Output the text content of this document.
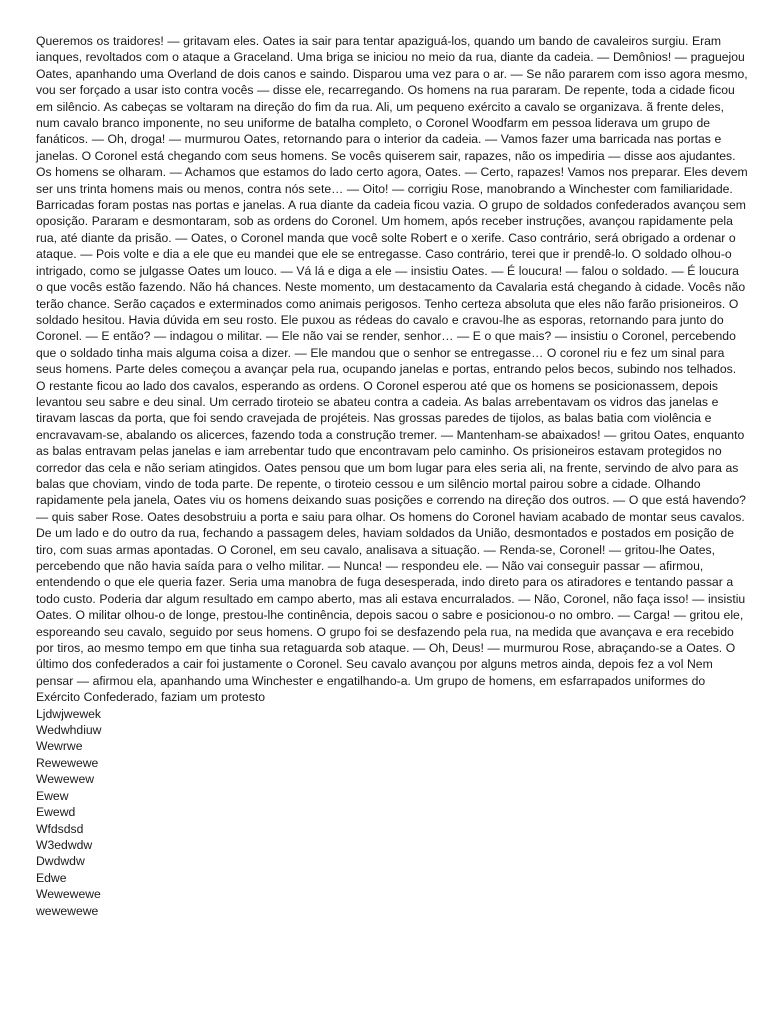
Queremos os traidores! — gritavam eles. Oates ia sair para tentar apaziguá-los, quando um bando de cavaleiros surgiu. Eram ianques, revoltados com o ataque a Graceland. Uma briga se iniciou no meio da rua, diante da cadeia. — Demônios! — praguejou Oates, apanhando uma Overland de dois canos e saindo. Disparou uma vez para o ar. — Se não pararem com isso agora mesmo, vou ser forçado a usar isto contra vocês — disse ele, recarregando. Os homens na rua pararam. De repente, toda a cidade ficou em silêncio. As cabeças se voltaram na direção do fim da rua. Ali, um pequeno exército a cavalo se organizava. ã frente deles, num cavalo branco imponente, no seu uniforme de batalha completo, o Coronel Woodfarm em pessoa liderava um grupo de fanáticos. — Oh, droga! — murmurou Oates, retornando para o interior da cadeia. — Vamos fazer uma barricada nas portas e janelas. O Coronel está chegando com seus homens. Se vocês quiserem sair, rapazes, não os impediria — disse aos ajudantes. Os homens se olharam. — Achamos que estamos do lado certo agora, Oates. — Certo, rapazes! Vamos nos preparar. Eles devem ser uns trinta homens mais ou menos, contra nós sete… — Oito! — corrigiu Rose, manobrando a Winchester com familiaridade. Barricadas foram postas nas portas e janelas. A rua diante da cadeia ficou vazia. O grupo de soldados confederados avançou sem oposição. Pararam e desmontaram, sob as ordens do Coronel. Um homem, após receber instruções, avançou rapidamente pela rua, até diante da prisão. — Oates, o Coronel manda que você solte Robert e o xerife. Caso contrário, será obrigado a ordenar o ataque. — Pois volte e dia a ele que eu mandei que ele se entregasse. Caso contrário, terei que ir prendê-lo. O soldado olhou-o intrigado, como se julgasse Oates um louco. — Vá lá e diga a ele — insistiu Oates. — É loucura! — falou o soldado. — É loucura o que vocês estão fazendo. Não há chances. Neste momento, um destacamento da Cavalaria está chegando à cidade. Vocês não terão chance. Serão caçados e exterminados como animais perigosos. Tenho certeza absoluta que eles não farão prisioneiros. O soldado hesitou. Havia dúvida em seu rosto. Ele puxou as rédeas do cavalo e cravou-lhe as esporas, retornando para junto do Coronel. — E então? — indagou o militar. — Ele não vai se render, senhor… — E o que mais? — insistiu o Coronel, percebendo que o soldado tinha mais alguma coisa a dizer. — Ele mandou que o senhor se entregasse… O coronel riu e fez um sinal para seus homens. Parte deles começou a avançar pela rua, ocupando janelas e portas, entrando pelos becos, subindo nos telhados. O restante ficou ao lado dos cavalos, esperando as ordens. O Coronel esperou até que os homens se posicionassem, depois levantou seu sabre e deu sinal. Um cerrado tiroteio se abateu contra a cadeia. As balas arrebentavam os vidros das janelas e tiravam lascas da porta, que foi sendo cravejada de projéteis. Nas grossas paredes de tijolos, as balas batia com violência e encravavam-se, abalando os alicerces, fazendo toda a construção tremer. — Mantenham-se abaixados! — gritou Oates, enquanto as balas entravam pelas janelas e iam arrebentar tudo que encontravam pelo caminho. Os prisioneiros estavam protegidos no corredor das cela e não seriam atingidos. Oates pensou que um bom lugar para eles seria ali, na frente, servindo de alvo para as balas que choviam, vindo de toda parte. De repente, o tiroteio cessou e um silêncio mortal pairou sobre a cidade. Olhando rapidamente pela janela, Oates viu os homens deixando suas posições e correndo na direção dos outros. — O que está havendo? — quis saber Rose. Oates desobstruiu a porta e saiu para olhar. Os homens do Coronel haviam acabado de montar seus cavalos. De um lado e do outro da rua, fechando a passagem deles, haviam soldados da União, desmontados e postados em posição de tiro, com suas armas apontadas. O Coronel, em seu cavalo, analisava a situação. — Renda-se, Coronel! — gritou-lhe Oates, percebendo que não havia saída para o velho militar. — Nunca! — respondeu ele. — Não vai conseguir passar — afirmou, entendendo o que ele queria fazer. Seria uma manobra de fuga desesperada, indo direto para os atiradores e tentando passar a todo custo. Poderia dar algum resultado em campo aberto, mas ali estava encurralados. — Não, Coronel, não faça isso! — insistiu Oates. O militar olhou-o de longe, prestou-lhe continência, depois sacou o sabre e posicionou-o no ombro. — Carga! — gritou ele, esporeando seu cavalo, seguido por seus homens. O grupo foi se desfazendo pela rua, na medida que avançava e era recebido por tiros, ao mesmo tempo em que tinha sua retaguarda sob ataque. — Oh, Deus! — murmurou Rose, abraçando-se a Oates. O último dos confederados a cair foi justamente o Coronel. Seu cavalo avançou por alguns metros ainda, depois fez a vol Nem pensar — afirmou ela, apanhando uma Winchester e engatilhando-a. Um grupo de homens, em esfarrapados uniformes do Exército Confederado, faziam um protesto

Ljdwjwewek
Wedwhdiuw
Wewrwe
Rewewewe
Wewewew
Ewew
Ewewd
Wfdsdsd
W3edwdw
Dwdwdw
Edwe
Wewewewe
wewewewe
